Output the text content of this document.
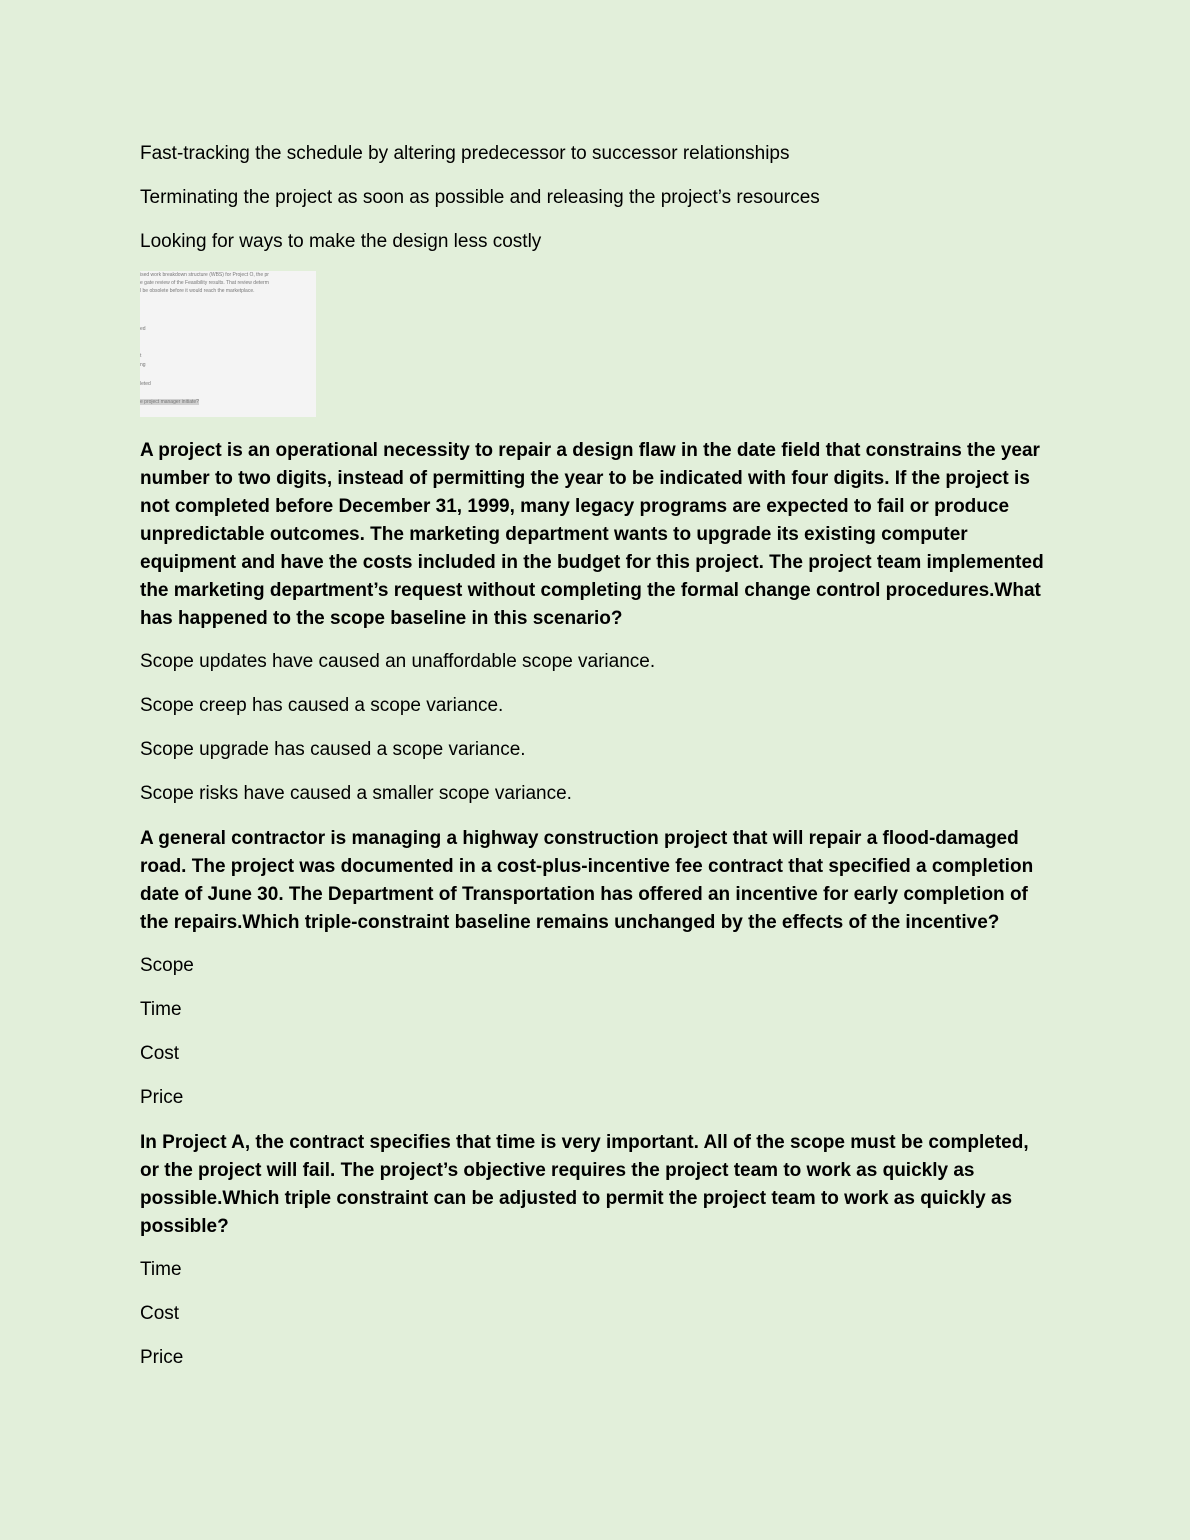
Fast-tracking the schedule by altering predecessor to successor relationships

Terminating the project as soon as possible and releasing the project’s resources

Looking for ways to make the design less costly

ised work breakdown structure (WBS) for Project O, the pr
e gate review of the Feasibility results. That review determ
l be obsolete before it would reach the marketplace.
ed
t
ng
leted
e project manager initiate?

A project is an operational necessity to repair a design flaw in the date field that constrains the year number to two digits, instead of permitting the year to be indicated with four digits. If the project is not completed before December 31, 1999, many legacy programs are expected to fail or produce unpredictable outcomes. The marketing department wants to upgrade its existing computer equipment and have the costs included in the budget for this project. The project team implemented the marketing department’s request without completing the formal change control procedures.What has happened to the scope baseline in this scenario?

Scope updates have caused an unaffordable scope variance.

Scope creep has caused a scope variance.

Scope upgrade has caused a scope variance.

Scope risks have caused a smaller scope variance.

A general contractor is managing a highway construction project that will repair a flood-damaged road. The project was documented in a cost-plus-incentive fee contract that specified a completion date of June 30. The Department of Transportation has offered an incentive for early completion of the repairs.Which triple-constraint baseline remains unchanged by the effects of the incentive?

Scope

Time

Cost

Price

In Project A, the contract specifies that time is very important. All of the scope must be completed, or the project will fail. The project’s objective requires the project team to work as quickly as possible.Which triple constraint can be adjusted to permit the project team to work as quickly as possible?

Time

Cost

Price
